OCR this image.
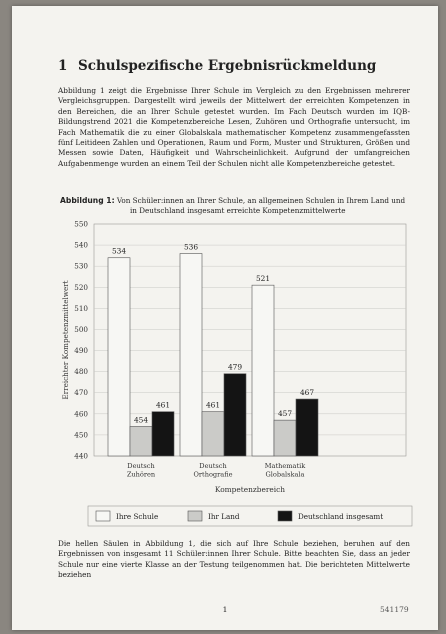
1 Schulspezifische Ergebnisrückmeldung

Abbildung 1 zeigt die Ergebnisse Ihrer Schule im Vergleich zu den Ergebnissen mehrerer Vergleichsgruppen. Dargestellt wird jeweils der Mittelwert der erreichten Kompetenzen in den Bereichen, die an Ihrer Schule getestet wurden. Im Fach Deutsch wurden im IQB-Bildungstrend 2021 die Kompetenzbereiche Lesen, Zuhören und Orthografie untersucht, im Fach Mathematik die zu einer Globalskala mathematischer Kompetenz zusammengefassten fünf Leitideen Zahlen und Operationen, Raum und Form, Muster und Strukturen, Größen und Messen sowie Daten, Häufigkeit und Wahrscheinlichkeit. Aufgrund der umfangreichen Aufgabenmenge wurden an einem Teil der Schulen nicht alle Kompetenzbereiche getestet.

Abbildung 1: Von Schüler:innen an Ihrer Schule, an allgemeinen Schulen in Ihrem Land und
in Deutschland insgesamt erreichte Kompetenzmittelwerte
550
540
530
520
510
500
490
480
470
460
450
440
Erreichter Kompetenzmittelwert
534
454
461
Deutsch
Zuhören
536
461
479
Deutsch
Orthografie
521
457
467
Mathematik
Globalskala
Kompetenzbereich
Ihre Schule	Ihr Land	Deutschland insgesamt

Die hellen Säulen in Abbildung 1, die sich auf Ihre Schule beziehen, beruhen auf den Ergebnissen von insgesamt 11 Schüler:innen Ihrer Schule. Bitte beachten Sie, dass an jeder Schule nur eine vierte Klasse an der Testung teilgenommen hat. Die berichteten Mittelwerte beziehen

1	541179
